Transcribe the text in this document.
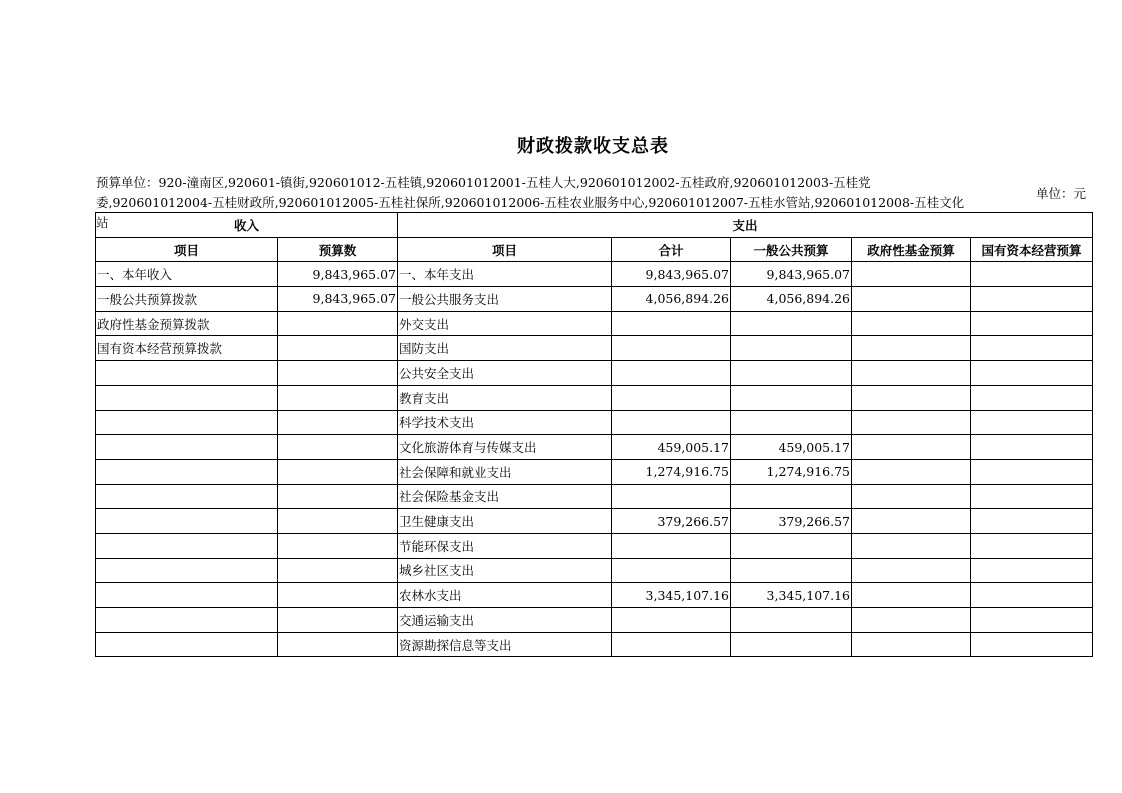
财政拨款收支总表
预算单位：920-潼南区,920601-镇街,920601012-五桂镇,920601012001-五桂人大,920601012002-五桂政府,920601012003-五桂党委,920601012004-五桂财政所,920601012005-五桂社保所,920601012006-五桂农业服务中心,920601012007-五桂水管站,920601012008-五桂文化站
单位：元
收入		支出				
项目	预算数	项目	合计	一般公共预算	政府性基金预算	国有资本经营预算
一、本年收入	9,843,965.07	一、本年支出	9,843,965.07	9,843,965.07		
一般公共预算拨款	9,843,965.07	一般公共服务支出	4,056,894.26	4,056,894.26		
政府性基金预算拨款		外交支出				
国有资本经营预算拨款		国防支出				
		公共安全支出				
		教育支出				
		科学技术支出				
		文化旅游体育与传媒支出	459,005.17	459,005.17		
		社会保障和就业支出	1,274,916.75	1,274,916.75		
		社会保险基金支出				
		卫生健康支出	379,266.57	379,266.57		
		节能环保支出				
		城乡社区支出				
		农林水支出	3,345,107.16	3,345,107.16		
		交通运输支出				
		资源勘探信息等支出				
